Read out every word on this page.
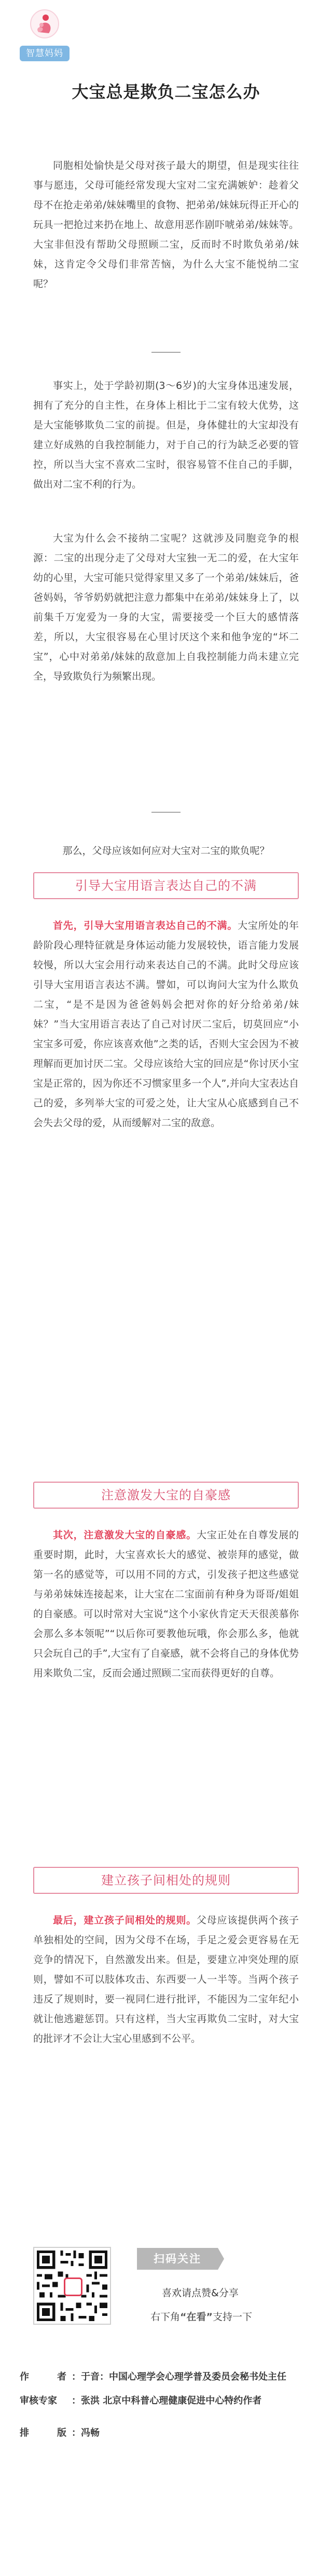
智慧妈妈
大宝总是欺负二宝怎么办

同胞相处愉快是父母对孩子最大的期望，但是现实往往事与愿违，父母可能经常发现大宝对二宝充满嫉妒：趁着父母不在抢走弟弟/妹妹嘴里的食物、把弟弟/妹妹玩得正开心的玩具一把抢过来扔在地上、故意用恶作剧吓唬弟弟/妹妹等。大宝非但没有帮助父母照顾二宝，反而时不时欺负弟弟/妹妹，这肯定令父母们非常苦恼，为什么大宝不能悦纳二宝呢？

事实上，处于学龄初期(3～6岁)的大宝身体迅速发展，拥有了充分的自主性，在身体上相比于二宝有较大优势，这是大宝能够欺负二宝的前提。但是，身体健壮的大宝却没有建立好成熟的自我控制能力，对于自己的行为缺乏必要的管控，所以当大宝不喜欢二宝时，很容易管不住自己的手脚，做出对二宝不利的行为。

大宝为什么会不接纳二宝呢？这就涉及同胞竞争的根源：二宝的出现分走了父母对大宝独一无二的爱，在大宝年幼的心里，大宝可能只觉得家里又多了一个弟弟/妹妹后，爸爸妈妈，爷爷奶奶就把注意力都集中在弟弟/妹妹身上了，以前集千万宠爱为一身的大宝，需要接受一个巨大的感情落差，所以，大宝很容易在心里讨厌这个来和他争宠的“坏二宝”，心中对弟弟/妹妹的敌意加上自我控制能力尚未建立完全，导致欺负行为频繁出现。

那么，父母应该如何应对大宝对二宝的欺负呢？

引导大宝用语言表达自己的不满

首先，引导大宝用语言表达自己的不满。大宝所处的年龄阶段心理特征就是身体运动能力发展较快，语言能力发展较慢，所以大宝会用行动来表达自己的不满。此时父母应该引导大宝用语言表达不满。譬如，可以询问大宝为什么欺负二宝，“是不是因为爸爸妈妈会把对你的好分给弟弟/妹妹？”当大宝用语言表达了自己对讨厌二宝后，切莫回应“小宝宝多可爱，你应该喜欢他”之类的话，否则大宝会因为不被理解而更加讨厌二宝。父母应该给大宝的回应是“你讨厌小宝宝是正常的，因为你还不习惯家里多一个人”,并向大宝表达自己的爱，多列举大宝的可爱之处，让大宝从心底感到自己不会失去父母的爱，从而缓解对二宝的敌意。

注意激发大宝的自豪感

其次，注意激发大宝的自豪感。大宝正处在自尊发展的重要时期，此时，大宝喜欢长大的感觉、被崇拜的感觉，做第一名的感觉等，可以用不同的方式，引发孩子把这些感觉与弟弟妹妹连接起来，让大宝在二宝面前有种身为哥哥/姐姐的自豪感。可以时常对大宝说“这个小家伙肯定天天很羡慕你会那么多本领呢”“以后你可要教他玩哦，你会那么多，他就只会玩自己的手”,大宝有了自豪感，就不会将自己的身体优势用来欺负二宝，反而会通过照顾二宝而获得更好的自尊。

建立孩子间相处的规则

最后，建立孩子间相处的规则。父母应该提供两个孩子单独相处的空间，因为父母不在场，手足之爱会更容易在无竞争的情况下，自然激发出来。但是，要建立冲突处理的原则，譬如不可以肢体攻击、东西要一人一半等。当两个孩子违反了规则时，要一视同仁进行批评，不能因为二宝年纪小就让他逃避惩罚。只有这样，当大宝再欺负二宝时，对大宝的批评才不会让大宝心里感到不公平。

扫码关注
喜欢请点赞&分享
右下角“在看”支持一下
作　　者 ：于音：中国心理学会心理学普及委员会秘书处主任
审核专家 ：张洪 北京中科普心理健康促进中心特约作者
排　　版 ：冯畅
